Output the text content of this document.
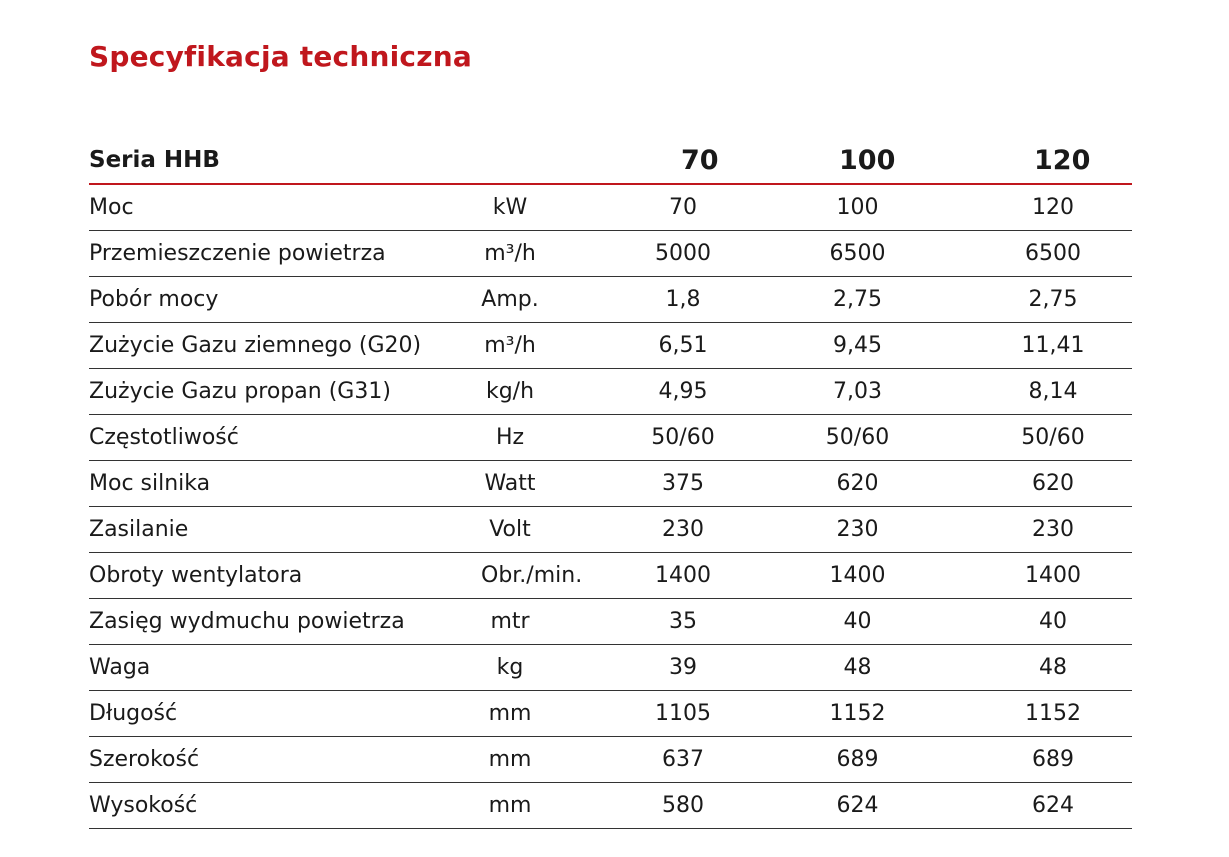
Specyfikacja techniczna
Seria HHB		70	100	120
Moc	kW	70	100	120
Przemieszczenie powietrza	m³/h	5000	6500	6500
Pobór mocy	Amp.	1,8	2,75	2,75
Zużycie Gazu ziemnego (G20)	m³/h	6,51	9,45	11,41
Zużycie Gazu propan (G31)	kg/h	4,95	7,03	8,14
Częstotliwość	Hz	50/60	50/60	50/60
Moc silnika	Watt	375	620	620
Zasilanie	Volt	230	230	230
Obroty wentylatora	Obr./min.	1400	1400	1400
Zasięg wydmuchu powietrza	mtr	35	40	40
Waga	kg	39	48	48
Długość	mm	1105	1152	1152
Szerokość	mm	637	689	689
Wysokość	mm	580	624	624
